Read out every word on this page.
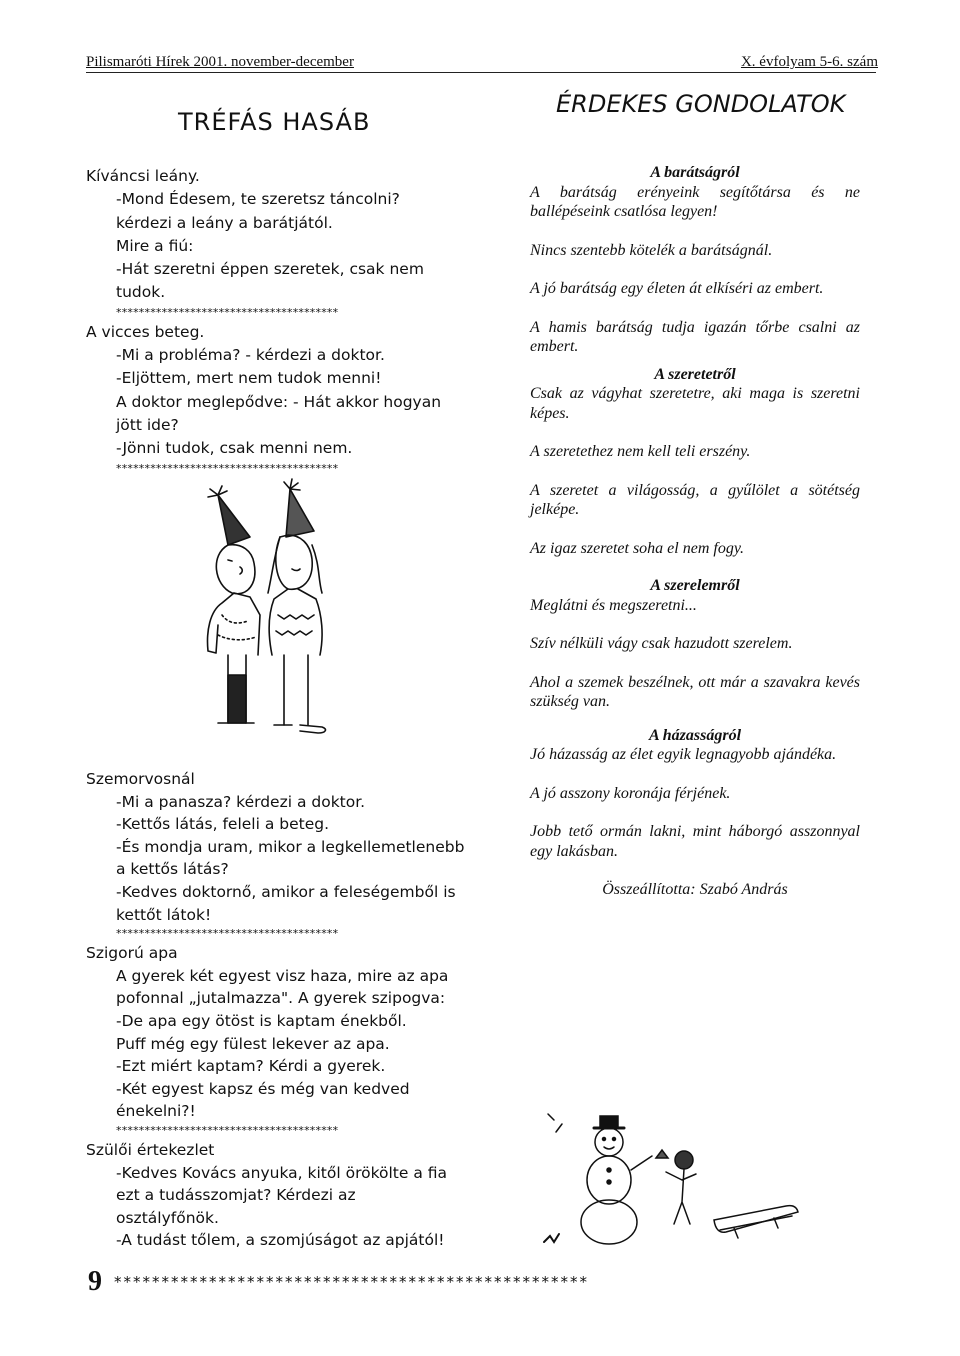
Pilismaróti Hírek 2001. november-december	X. évfolyam 5-6. szám
TRÉFÁS HASÁB
Kíváncsi leány.
-Mond Édesem, te szeretsz táncolni?
kérdezi a leány a barátjától.
Mire a fiú:
-Hát szeretni éppen szeretek, csak nem
tudok.
***************************************
A vicces beteg.
-Mi a probléma? - kérdezi a doktor.
-Eljöttem, mert nem tudok menni!
A doktor meglepődve: - Hát akkor hogyan
jött ide?
-Jönni tudok, csak menni nem.
***************************************
Szemorvosnál
-Mi a panasza? kérdezi a doktor.
-Kettős látás, feleli a beteg.
-És mondja uram, mikor a legkellemetlenebb
a kettős látás?
-Kedves doktornő, amikor a feleségemből is
kettőt látok!
***************************************
Szigorú apa
A gyerek két egyest visz haza, mire az apa
pofonnal „jutalmazza". A gyerek szipogva:
-De apa egy ötöst is kaptam énekből.
Puff még egy fülest lekever az apa.
-Ezt miért kaptam? Kérdi a gyerek.
-Két egyest kapsz és még van kedved
énekelni?!
***************************************
Szülői értekezlet
-Kedves Kovács anyuka, kitől örökölte a fia
ezt a tudásszomjat? Kérdezi az
osztályfőnök.
-A tudást tőlem, a szomjúságot az apjától!
ÉRDEKES GONDOLATOK
A barátságról

A barátság erényeink segítőtársa és ne ballépéseink csatlósa legyen!

Nincs szentebb kötelék a barátságnál.

A jó barátság egy életen át elkíséri az embert.

A hamis barátság tudja igazán tőrbe csalni az embert.

A szeretetről

Csak az vágyhat szeretetre, aki maga is szeretni képes.

A szeretethez nem kell teli erszény.

A szeretet a világosság, a gyűlölet a sötétség jelképe.

Az igaz szeretet soha el nem fogy.

A szerelemről

Meglátni és megszeretni...

Szív nélküli vágy csak hazudott szerelem.

Ahol a szemek beszélnek, ott már a szavakra kevés szükség van.

A házasságról

Jó házasság az élet egyik legnagyobb ajándéka.

A jó asszony koronája férjének.

Jobb tető ormán lakni, mint háborgó asszonnyal egy lakásban.

Összeállította: Szabó András
9 **************************************************
